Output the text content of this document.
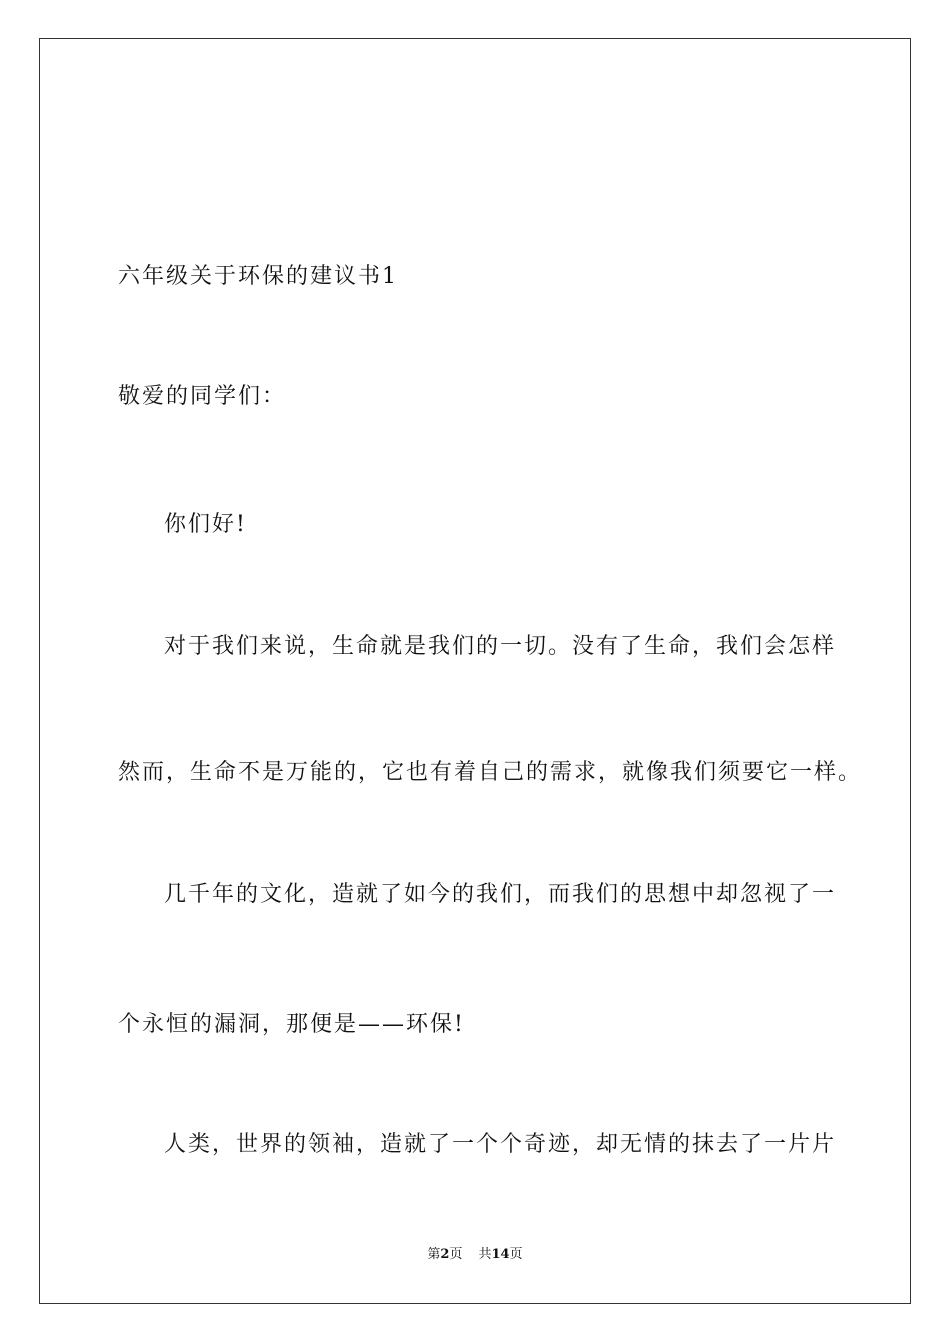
六年级关于环保的建议书1
敬爱的同学们：
你们好!
对于我们来说，生命就是我们的一切。没有了生命，我们会怎样
然而，生命不是万能的，它也有着自己的需求，就像我们须要它一样。
几千年的文化，造就了如今的我们，而我们的思想中却忽视了一
个永恒的漏洞，那便是——环保!
人类，世界的领袖，造就了一个个奇迹，却无情的抹去了一片片
第2页 共14页
